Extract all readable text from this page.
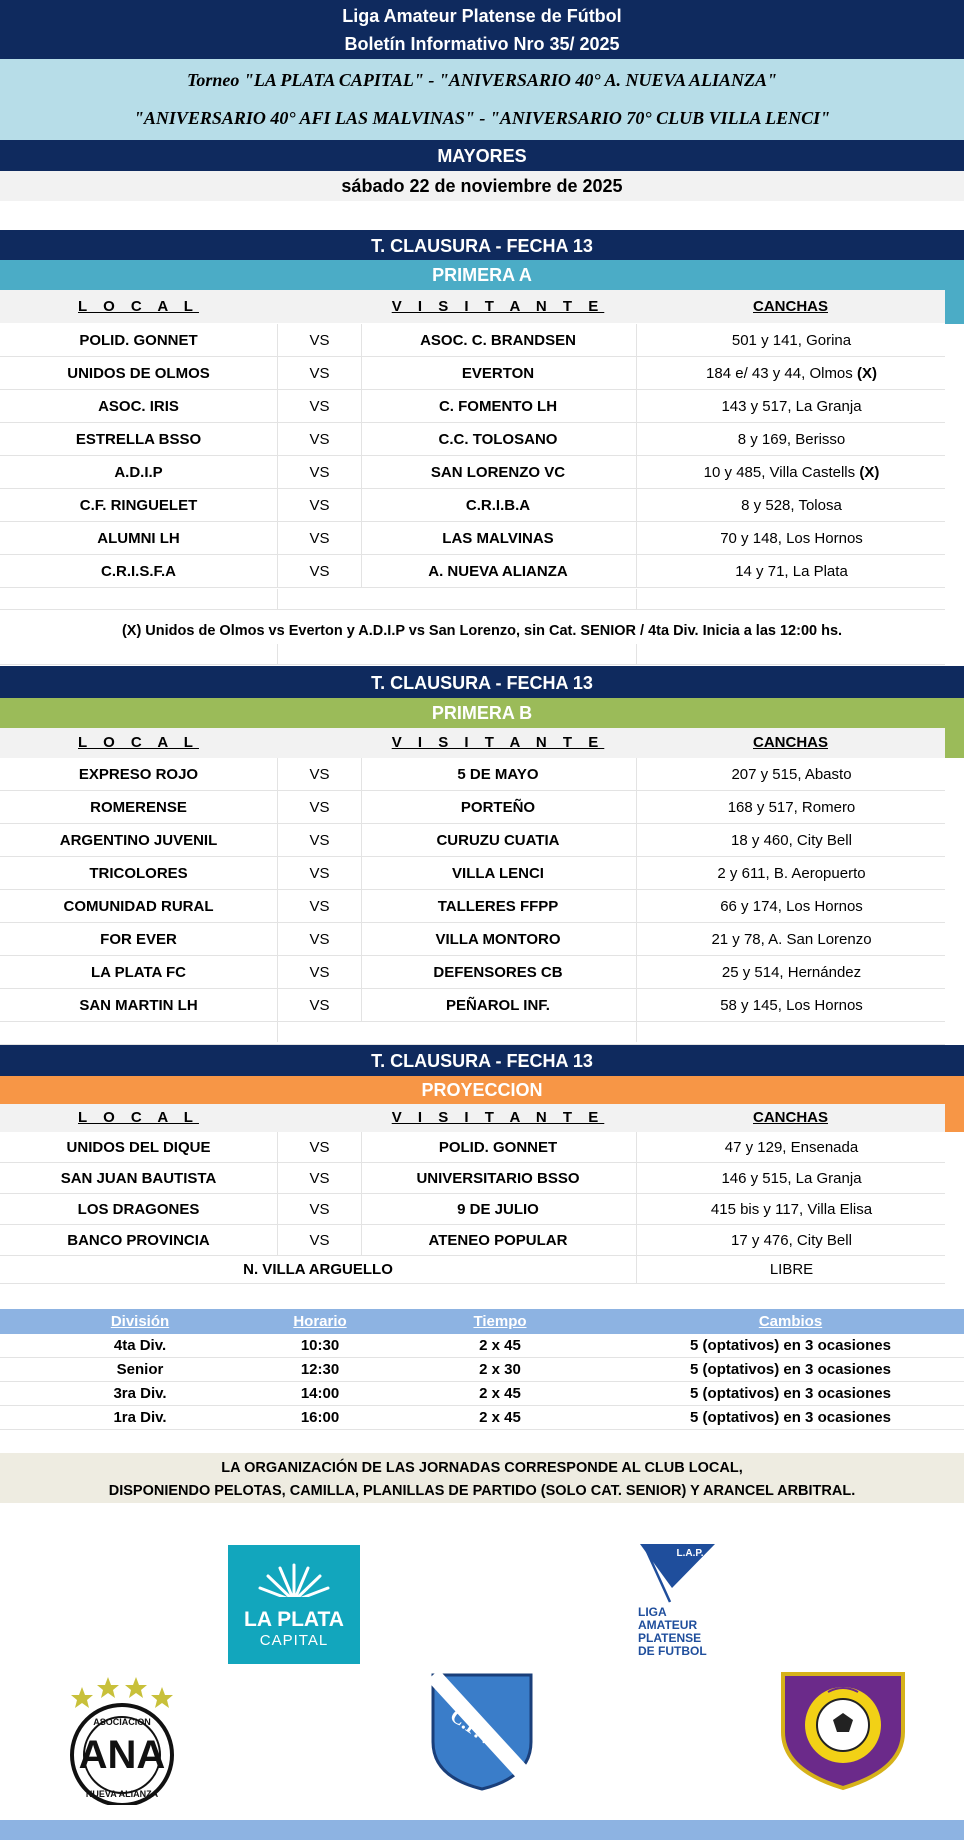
Liga Amateur Platense de Fútbol
Boletín Informativo Nro 35/ 2025
Torneo "LA PLATA CAPITAL" - "ANIVERSARIO 40° A. NUEVA ALIANZA"
"ANIVERSARIO 40° AFI LAS MALVINAS" - "ANIVERSARIO 70° CLUB VILLA LENCI"
MAYORES
sábado 22 de noviembre de 2025
T. CLAUSURA - FECHA 13
PRIMERA A
L O C A L	V I S I T A N T E	CANCHAS
POLID. GONNET	VS	ASOC. C. BRANDSEN	501 y 141, Gorina
UNIDOS DE OLMOS	VS	EVERTON	184 e/ 43 y 44, Olmos (X)
ASOC. IRIS	VS	C. FOMENTO LH	143 y 517, La Granja
ESTRELLA BSSO	VS	C.C. TOLOSANO	8 y 169, Berisso
A.D.I.P	VS	SAN LORENZO VC	10 y 485, Villa Castells (X)
C.F. RINGUELET	VS	C.R.I.B.A	8 y 528, Tolosa
ALUMNI LH	VS	LAS MALVINAS	70 y 148, Los Hornos
C.R.I.S.F.A	VS	A. NUEVA ALIANZA	14 y 71, La Plata
(X) Unidos de Olmos vs Everton y A.D.I.P vs San Lorenzo, sin Cat. SENIOR / 4ta Div. Inicia a las 12:00 hs.
T. CLAUSURA - FECHA 13
PRIMERA B
L O C A L	V I S I T A N T E	CANCHAS
EXPRESO ROJO	VS	5 DE MAYO	207 y 515, Abasto
ROMERENSE	VS	PORTEÑO	168 y 517, Romero
ARGENTINO JUVENIL	VS	CURUZU CUATIA	18 y 460, City Bell
TRICOLORES	VS	VILLA LENCI	2 y 611, B. Aeropuerto
COMUNIDAD RURAL	VS	TALLERES FFPP	66 y 174, Los Hornos
FOR EVER	VS	VILLA MONTORO	21 y 78, A. San Lorenzo
LA PLATA FC	VS	DEFENSORES CB	25 y 514, Hernández
SAN MARTIN LH	VS	PEÑAROL INF.	58 y 145, Los Hornos
T. CLAUSURA - FECHA 13
PROYECCION
L O C A L	V I S I T A N T E	CANCHAS
UNIDOS DEL DIQUE	VS	POLID. GONNET	47 y 129, Ensenada
SAN JUAN BAUTISTA	VS	UNIVERSITARIO BSSO	146 y 515, La Granja
LOS DRAGONES	VS	9 DE JULIO	415 bis y 117, Villa Elisa
BANCO PROVINCIA	VS	ATENEO POPULAR	17 y 476, City Bell
N. VILLA ARGUELLO	LIBRE
División	Horario	Tiempo	Cambios
4ta Div.	10:30	2 x 45	5 (optativos) en 3 ocasiones
Senior	12:30	2 x 30	5 (optativos) en 3 ocasiones
3ra Div.	14:00	2 x 45	5 (optativos) en 3 ocasiones
1ra Div.	16:00	2 x 45	5 (optativos) en 3 ocasiones
LA ORGANIZACIÓN DE LAS JORNADAS CORRESPONDE AL CLUB LOCAL,
DISPONIENDO PELOTAS, CAMILLA, PLANILLAS DE PARTIDO (SOLO CAT. SENIOR) Y ARANCEL ARBITRAL.
LA PLATA
CAPITAL
L.A.P.
LIGA
AMATEUR
PLATENSE
DE FUTBOL
ANA
ASOCIACION
NUEVA ALIANZA
C.F.V.L.
